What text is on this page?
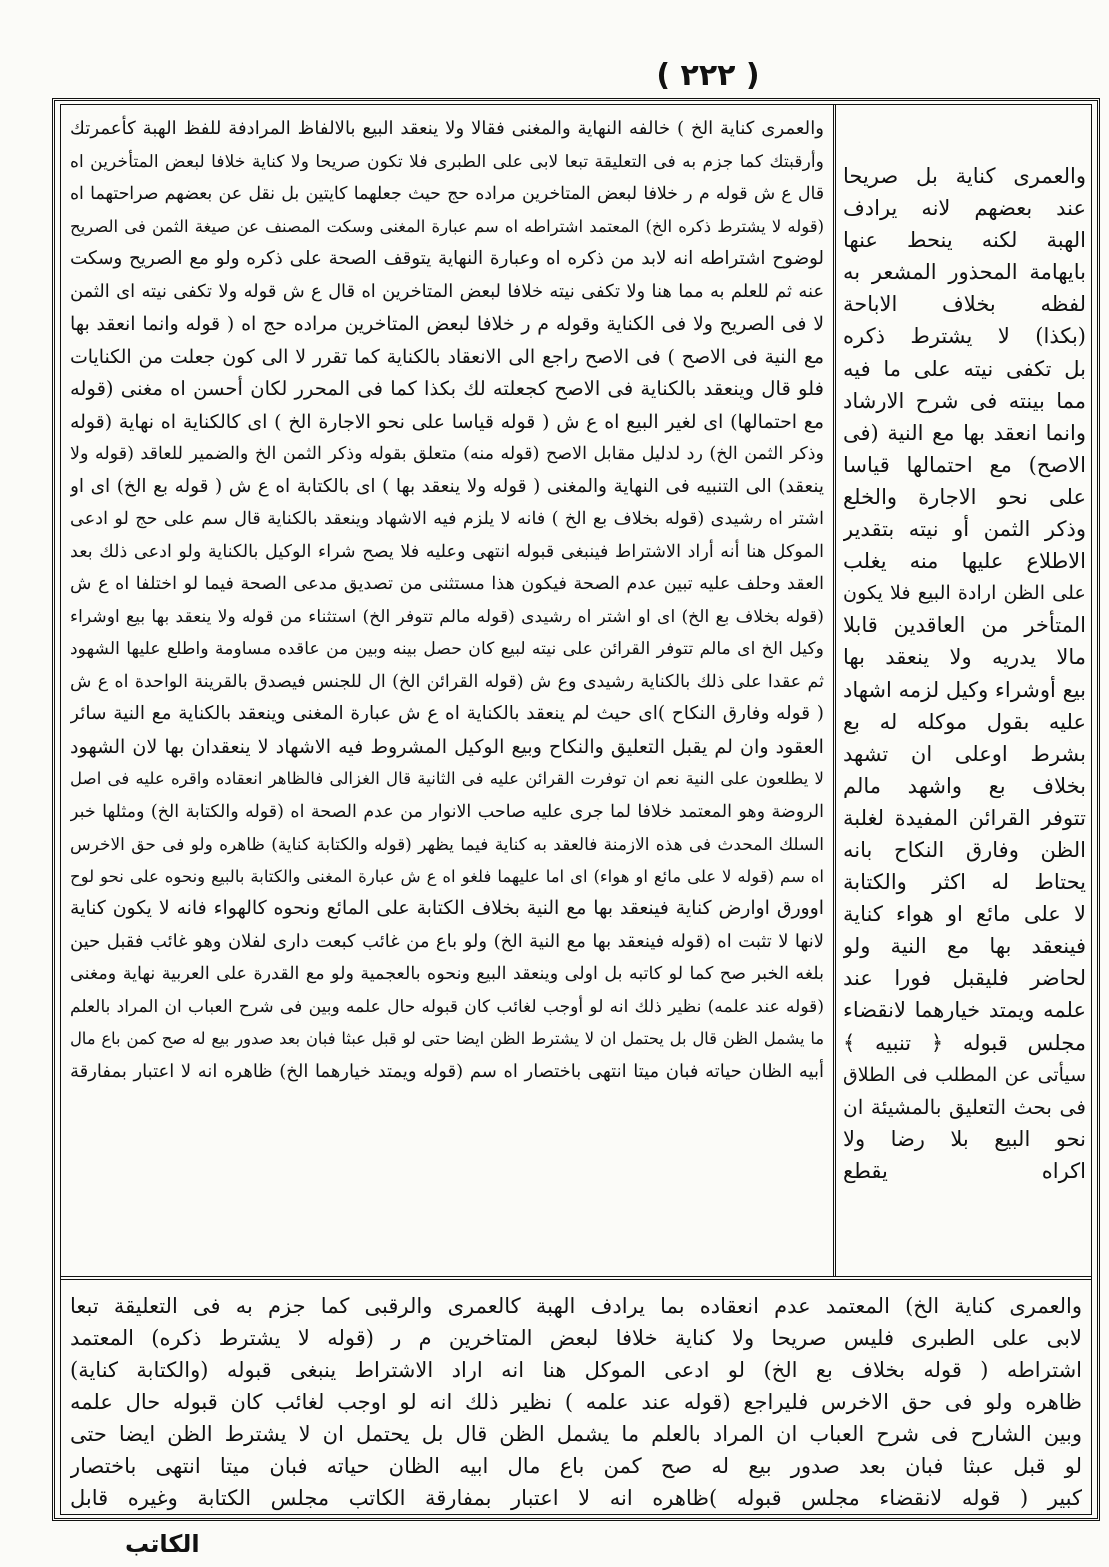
( ٢٢٢ )
والعمرى كناية الخ ) خالفه النهاية والمغنى فقالا ولا ينعقد البيع بالالفاظ المرادفة للفظ الهبة كأعمرتك
وأرقبتك كما جزم به فى التعليقة تبعا لابى على الطبرى فلا تكون صريحا ولا كناية خلافا لبعض المتأخرين اه
قال ع ش قوله م ر خلافا لبعض المتاخرين مراده حج حيث جعلهما كايتين بل نقل عن بعضهم صراحتهما اه
(قوله لا يشترط ذكره الخ) المعتمد اشتراطه اه سم عبارة المغنى وسكت المصنف عن صيغة الثمن فى الصريح
لوضوح اشتراطه انه لابد من ذكره اه وعبارة النهاية يتوقف الصحة على ذكره ولو مع الصريح وسكت
عنه ثم للعلم به مما هنا ولا تكفى نيته خلافا لبعض المتاخرين اه قال ع ش قوله ولا تكفى نيته اى الثمن
لا فى الصريح ولا فى الكناية وقوله م ر خلافا لبعض المتاخرين مراده حج اه ( قوله وانما انعقد بها
مع النية فى الاصح ) فى الاصح راجع الى الانعقاد بالكناية كما تقرر لا الى كون جعلت من الكنايات
فلو قال وينعقد بالكناية فى الاصح كجعلته لك بكذا كما فى المحرر لكان أحسن اه مغنى (قوله
مع احتمالها) اى لغير البيع اه ع ش ( قوله قياسا على نحو الاجارة الخ ) اى كالكناية اه نهاية (قوله
وذكر الثمن الخ) رد لدليل مقابل الاصح (قوله منه) متعلق بقوله وذكر الثمن الخ والضمير للعاقد (قوله ولا
ينعقد) الى التنبيه فى النهاية والمغنى ( قوله ولا ينعقد بها ) اى بالكتابة اه ع ش ( قوله بع الخ) اى او
اشتر اه رشيدى (قوله بخلاف بع الخ ) فانه لا يلزم فيه الاشهاد وينعقد بالكناية قال سم على حج لو ادعى
الموكل هنا أنه أراد الاشتراط فينبغى قبوله انتهى وعليه فلا يصح شراء الوكيل بالكناية ولو ادعى ذلك بعد
العقد وحلف عليه تبين عدم الصحة فيكون هذا مستثنى من تصديق مدعى الصحة فيما لو اختلفا اه ع ش
(قوله بخلاف بع الخ) اى او اشتر اه رشيدى (قوله مالم تتوفر الخ) استثناء من قوله ولا ينعقد بها بيع اوشراء
وكيل الخ اى مالم تتوفر القرائن على نيته لبيع كان حصل بينه وبين من عاقده مساومة واطلع عليها الشهود
ثم عقدا على ذلك بالكناية رشيدى وع ش (قوله القرائن الخ) ال للجنس فيصدق بالقرينة الواحدة اه ع ش
( قوله وفارق النكاح )اى حيث لم ينعقد بالكناية اه ع ش عبارة المغنى وينعقد بالكناية مع النية سائر
العقود وان لم يقبل التعليق والنكاح وبيع الوكيل المشروط فيه الاشهاد لا ينعقدان بها لان الشهود
لا يطلعون على النية نعم ان توفرت القرائن عليه فى الثانية قال الغزالى فالظاهر انعقاده واقره عليه فى اصل
الروضة وهو المعتمد خلافا لما جرى عليه صاحب الانوار من عدم الصحة اه (قوله والكتابة الخ) ومثلها خبر
السلك المحدث فى هذه الازمنة فالعقد به كناية فيما يظهر (قوله والكتابة كناية) ظاهره ولو فى حق الاخرس
اه سم (قوله لا على مائع او هواء) اى اما عليهما فلغو اه ع ش عبارة المغنى والكتابة بالبيع ونحوه على نحو لوح
اوورق اوارض كناية فينعقد بها مع النية بخلاف الكتابة على المائع ونحوه كالهواء فانه لا يكون كناية
لانها لا تثبت اه (قوله فينعقد بها مع النية الخ) ولو باع من غائب كبعت دارى لفلان وهو غائب فقبل حين
بلغه الخبر صح كما لو كاتبه بل اولى وينعقد البيع ونحوه بالعجمية ولو مع القدرة على العربية نهاية ومغنى
(قوله عند علمه) نظير ذلك انه لو أوجب لغائب كان قبوله حال علمه وبين فى شرح العباب ان المراد بالعلم
ما يشمل الظن قال بل يحتمل ان لا يشترط الظن ايضا حتى لو قبل عبثا فبان بعد صدور بيع له صح كمن باع مال
أبيه الظان حياته فبان ميتا انتهى باختصار اه سم (قوله ويمتد خيارهما الخ) ظاهره انه لا اعتبار بمفارقة
والعمرى كناية بل صريحا
عند بعضهم لانه يرادف
الهبة لكنه ينحط عنها
بايهامة المحذور المشعر به
لفظه بخلاف الاباحة
(بكذا) لا يشترط ذكره
بل تكفى نيته على ما فيه
مما بينته فى شرح الارشاد
وانما انعقد بها مع النية (فى
الاصح) مع احتمالها قياسا
على نحو الاجارة والخلع
وذكر الثمن أو نيته بتقدير
الاطلاع عليها منه يغلب
على الظن ارادة البيع فلا يكون
المتأخر من العاقدين قابلا
مالا يدريه ولا ينعقد بها
بيع أوشراء وكيل لزمه اشهاد
عليه بقول موكله له بع
بشرط اوعلى ان تشهد
بخلاف بع واشهد مالم
تتوفر القرائن المفيدة لغلبة
الظن وفارق النكاح بانه
يحتاط له اكثر والكتابة
لا على مائع او هواء كناية
فينعقد بها مع النية ولو
لحاضر فليقبل فورا عند
علمه ويمتد خيارهما لانقضاء
مجلس قبوله ﴿ تنبيه ﴾
سيأتى عن المطلب فى الطلاق
فى بحث التعليق بالمشيئة ان
نحو البيع بلا رضا ولا
اكراه يقطع
والعمرى كناية الخ) المعتمد عدم انعقاده بما يرادف الهبة كالعمرى والرقبى كما جزم به فى التعليقة تبعا
لابى على الطبرى فليس صريحا ولا كناية خلافا لبعض المتاخرين م ر (قوله لا يشترط ذكره) المعتمد
اشتراطه ( قوله بخلاف بع الخ) لو ادعى الموكل هنا انه اراد الاشتراط ينبغى قبوله (والكتابة كناية)
ظاهره ولو فى حق الاخرس فليراجع (قوله عند علمه ) نظير ذلك انه لو اوجب لغائب كان قبوله حال علمه
وبين الشارح فى شرح العباب ان المراد بالعلم ما يشمل الظن قال بل يحتمل ان لا يشترط الظن ايضا حتى
لو قبل عبثا فبان بعد صدور بيع له صح كمن باع مال ابيه الظان حياته فبان ميتا انتهى باختصار
كبير ( قوله لانقضاء مجلس قبوله )ظاهره انه لا اعتبار بمفارقة الكاتب مجلس الكتابة وغيره قابل
الكاتب
